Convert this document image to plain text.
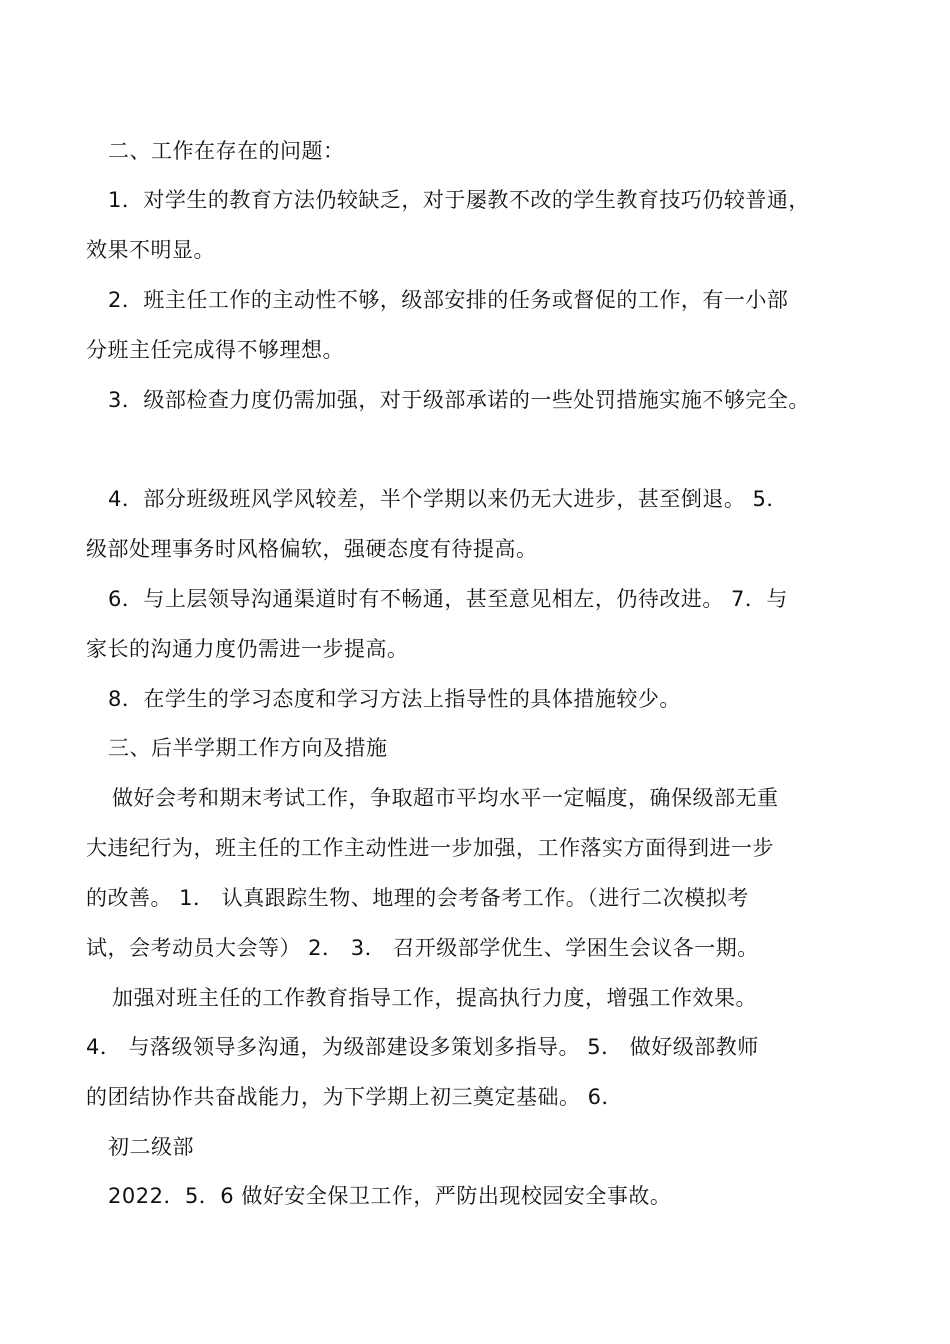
二、工作在存在的问题：
1．对学生的教育方法仍较缺乏，对于屡教不改的学生教育技巧仍较普通，
效果不明显。
2．班主任工作的主动性不够，级部安排的任务或督促的工作，有一小部
分班主任完成得不够理想。
3．级部检查力度仍需加强，对于级部承诺的一些处罚措施实施不够完全。
4．部分班级班风学风较差，半个学期以来仍无大进步，甚至倒退。 5．
级部处理事务时风格偏软，强硬态度有待提高。
6．与上层领导沟通渠道时有不畅通，甚至意见相左，仍待改进。 7．与
家长的沟通力度仍需进一步提高。
8．在学生的学习态度和学习方法上指导性的具体措施较少。
三、后半学期工作方向及措施
做好会考和期末考试工作，争取超市平均水平一定幅度，确保级部无重
大违纪行为，班主任的工作主动性进一步加强，工作落实方面得到进一步
的改善。 1． 认真跟踪生物、地理的会考备考工作。（进行二次模拟考
试，会考动员大会等） 2． 3． 召开级部学优生、学困生会议各一期。
加强对班主任的工作教育指导工作，提高执行力度，增强工作效果。
4． 与落级领导多沟通，为级部建设多策划多指导。 5． 做好级部教师
的团结协作共奋战能力，为下学期上初三奠定基础。 6．
初二级部
2022．5．6 做好安全保卫工作，严防出现校园安全事故。
